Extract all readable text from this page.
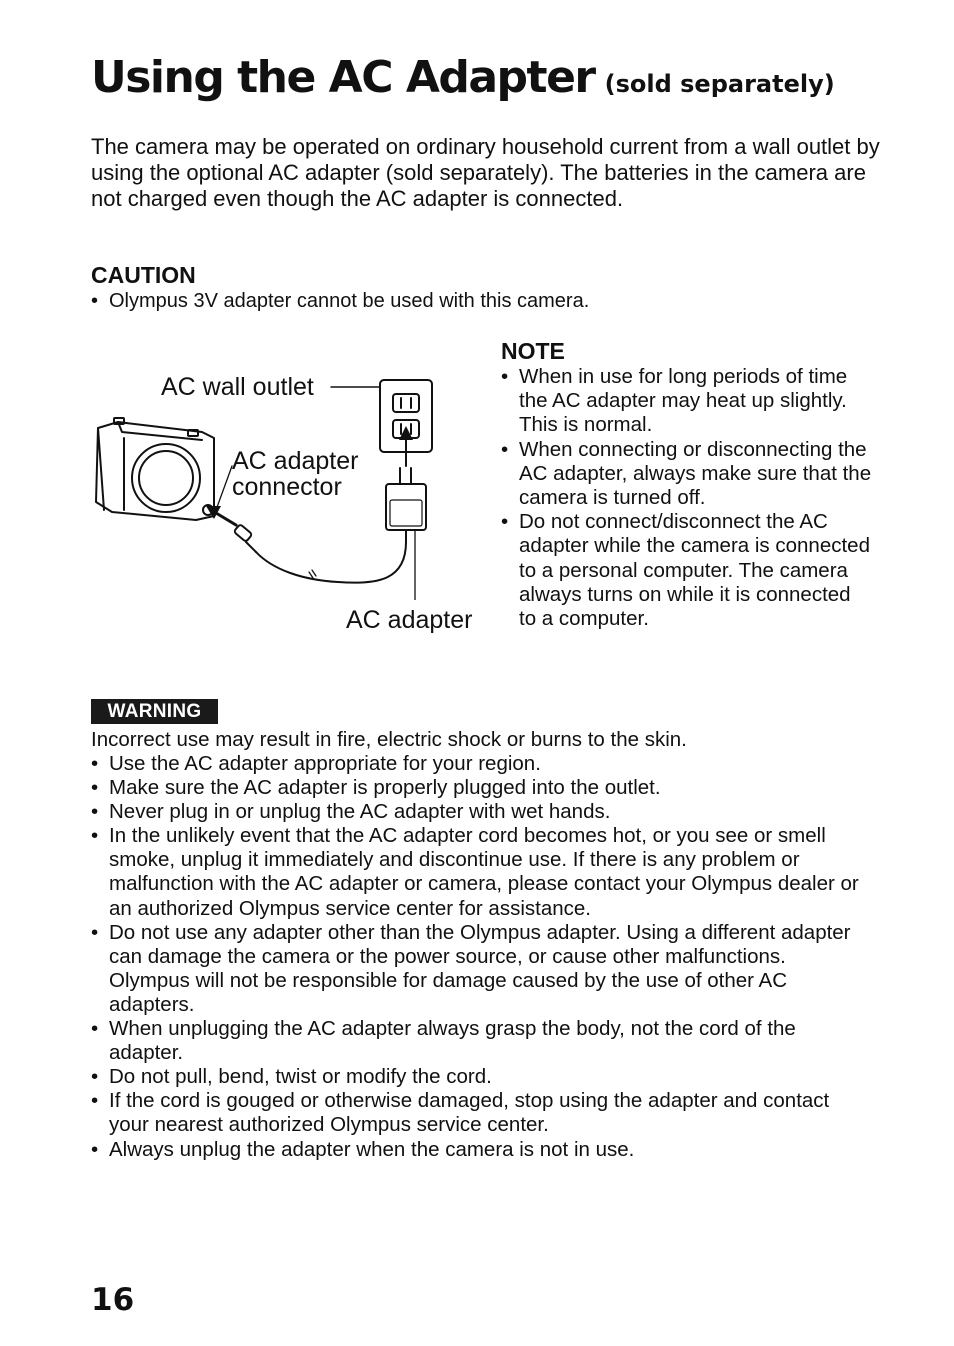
Using the AC Adapter (sold separately)

The camera may be operated on ordinary household current from a wall outlet by using the optional AC adapter (sold separately). The batteries in the camera are not charged even though the AC adapter is connected.

CAUTION
• Olympus 3V adapter cannot be used with this camera.

AC wall outlet

AC adapter
connector

AC adapter

NOTE
• When in use for long periods of time the AC adapter may heat up slightly. This is normal.
• When connecting or disconnecting the AC adapter, always make sure that the camera is turned off.
• Do not connect/disconnect the AC adapter while the camera is connected to a personal computer. The camera always turns on while it is connected to a computer.
WARNING

Incorrect use may result in fire, electric shock or burns to the skin.

• Use the AC adapter appropriate for your region.
• Make sure the AC adapter is properly plugged into the outlet.
• Never plug in or unplug the AC adapter with wet hands.
• In the unlikely event that the AC adapter cord becomes hot, or you see or smell smoke, unplug it immediately and discontinue use. If there is any problem or malfunction with the AC adapter or camera, please contact your Olympus dealer or an authorized Olympus service center for assistance.
• Do not use any adapter other than the Olympus adapter. Using a different adapter can damage the camera or the power source, or cause other malfunctions. Olympus will not be responsible for damage caused by the use of other AC adapters.
• When unplugging the AC adapter always grasp the body, not the cord of the adapter.
• Do not pull, bend, twist or modify the cord.
• If the cord is gouged or otherwise damaged, stop using the adapter and contact your nearest authorized Olympus service center.
• Always unplug the adapter when the camera is not in use.

16
